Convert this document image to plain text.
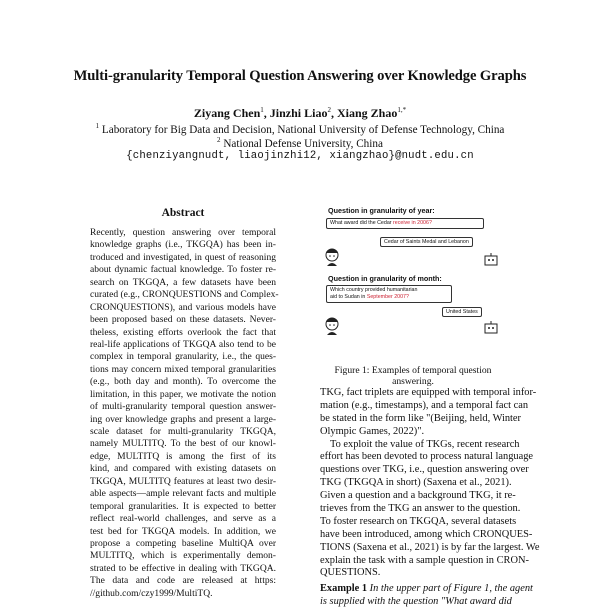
Multi-granularity Temporal Question Answering over Knowledge Graphs
Ziyang Chen$^1$, Jinzhi Liao$^2$, Xiang Zhao$^{1,*}$
$^1$ Laboratory for Big Data and Decision, National University of Defense Technology, China
$^2$ National Defense University, China
{chenziyangnudt, liaojinzhi12, xiangzhao}@nudt.edu.cn
Abstract
Recently, question answering over temporal
knowledge graphs (i.e., TKGQA) has been in-
troduced and investigated, in quest of reasoning
about dynamic factual knowledge. To foster re-
search on TKGQA, a few datasets have been
curated (e.g., CRONQUESTIONS and Complex-
CRONQUESTIONS), and various models have
been proposed based on these datasets. Never-
theless, existing efforts overlook the fact that
real-life applications of TKGQA also tend to be
complex in temporal granularity, i.e., the ques-
tions may concern mixed temporal granularities
(e.g., both day and month). To overcome the
limitation, in this paper, we motivate the notion
of multi-granularity temporal question answer-
ing over knowledge graphs and present a large-
scale dataset for multi-granularity TKGQA,
namely MULTITQ. To the best of our knowl-
edge, MULTITQ is among the first of its
kind, and compared with existing datasets on
TKGQA, MULTITQ features at least two desir-
able aspects—ample relevant facts and multiple
temporal granularities. It is expected to better
reflect real-world challenges, and serve as a
test bed for TKGQA models. In addition, we
propose a competing baseline MultiQA over
MULTITQ, which is experimentally demon-
strated to be effective in dealing with TKGQA.
The data and code are released at https:
//github.com/czy1999/MultiTQ.
Question in granularity of year:
What award did the Cedar receive in 2006?
Cedar of Saints Medal and Lebanon
Question in granularity of month:
Which country provided humanitarian
aid to Sudan in September 2007?
United States
Figure 1: Examples of temporal question answering.
TKG, fact triplets are equipped with temporal infor-
mation (e.g., timestamps), and a temporal fact can
be stated in the form like "(Beijing, held, Winter
Olympic Games, 2022)".
To exploit the value of TKGs, recent research
effort has been devoted to process natural language
questions over TKG, i.e., question answering over
TKG (TKGQA in short) (Saxena et al., 2021).
Given a question and a background TKG, it re-
trieves from the TKG an answer to the question.
To foster research on TKGQA, several datasets
have been introduced, among which CRONQUES-
TIONS (Saxena et al., 2021) is by far the largest. We
explain the task with a sample question in CRON-
QUESTIONS.
Example 1 In the upper part of Figure 1, the agent
is supplied with the question "What award did
